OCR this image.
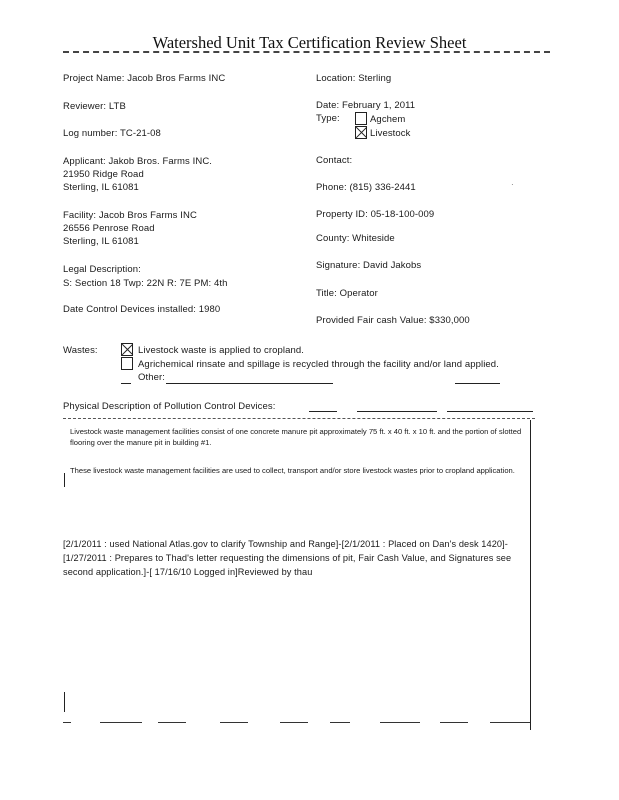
Watershed Unit Tax Certification Review Sheet
Project Name: Jacob Bros Farms INC
Reviewer: LTB
Log number: TC-21-08
Applicant: Jakob Bros. Farms INC.
21950 Ridge Road
Sterling, IL 61081
Facility: Jacob Bros Farms INC
26556 Penrose Road
Sterling, IL 61081
Legal Description:
S: Section 18 Twp: 22N R: 7E PM: 4th
Date Control Devices installed: 1980
Location: Sterling
Date: February 1, 2011
Type:	Agchem
Livestock
Contact:
Phone: (815) 336-2441
Property ID: 05-18-100-009
County: Whiteside
Signature: David Jakobs
Title: Operator
Provided Fair cash Value: $330,000
Wastes:	Livestock waste is applied to cropland.
Agrichemical rinsate and spillage is recycled through the facility and/or land applied.
Other:
Physical Description of Pollution Control Devices:
Livestock waste management facilities consist of one concrete manure pit approximately 75 ft. x 40 ft. x 10 ft. and the portion of slotted flooring over the manure pit in building #1.
These livestock waste management facilities are used to collect, transport and/or store livestock wastes prior to cropland application.
[2/1/2011 : used National Atlas.gov to clarify Township and Range]-[2/1/2011 : Placed on Dan's desk 1420]-[1/27/2011 : Prepares to Thad's letter requesting the dimensions of pit, Fair Cash Value, and Signatures see second application.]-[ 17/16/10 Logged in]Reviewed by thau
·
